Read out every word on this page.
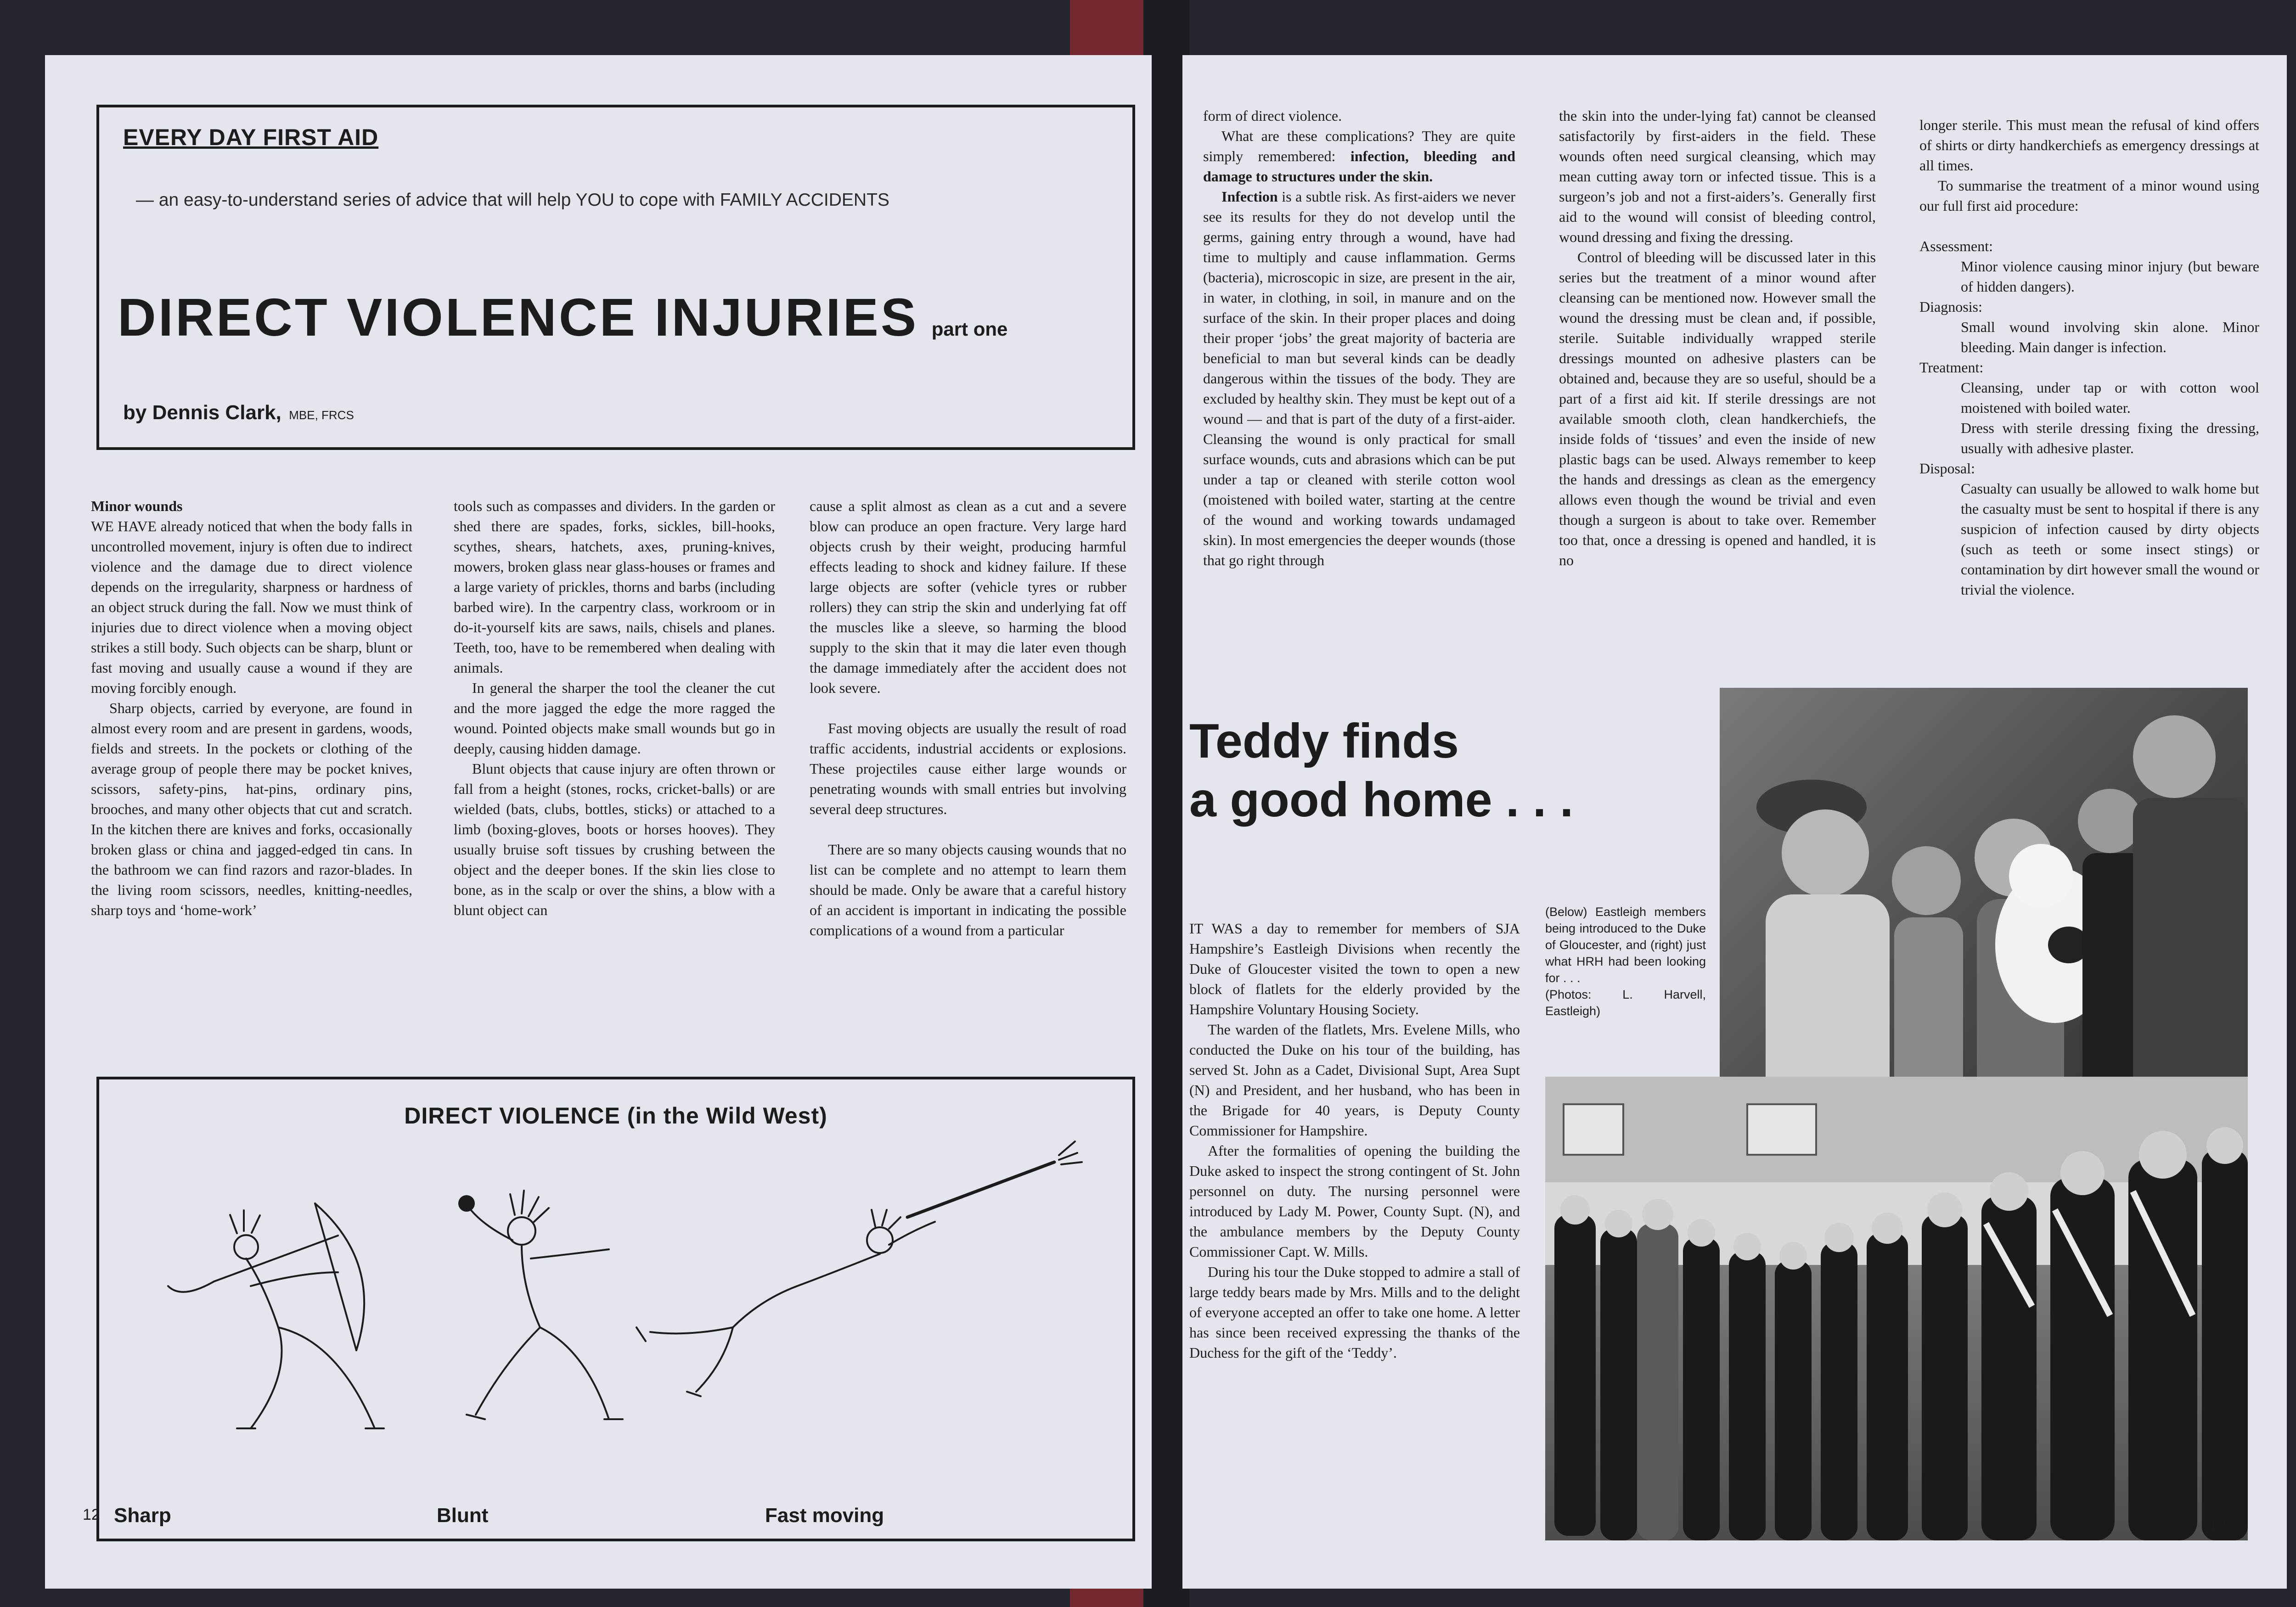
EVERY DAY FIRST AID
— an easy-to-understand series of advice that will help YOU to cope with FAMILY ACCIDENTS
DIRECT VIOLENCE INJURIES part one
by Dennis Clark, MBE, FRCS

Minor wounds

WE HAVE already noticed that when the body falls in uncontrolled movement, injury is often due to indirect violence and the damage due to direct violence depends on the irregularity, sharpness or hardness of an object struck during the fall. Now we must think of injuries due to direct violence when a moving object strikes a still body. Such objects can be sharp, blunt or fast moving and usually cause a wound if they are moving forcibly enough.

Sharp objects, carried by everyone, are found in almost every room and are present in gardens, woods, fields and streets. In the pockets or clothing of the average group of people there may be pocket knives, scissors, safety-pins, hat-pins, ordinary pins, brooches, and many other objects that cut and scratch. In the kitchen there are knives and forks, occasionally broken glass or china and jagged-edged tin cans. In the bathroom we can find razors and razor-blades. In the living room scissors, needles, knitting-needles, sharp toys and ‘home-work’

tools such as compasses and dividers. In the garden or shed there are spades, forks, sickles, bill-hooks, scythes, shears, hatchets, axes, pruning-knives, mowers, broken glass near glass-houses or frames and a large variety of prickles, thorns and barbs (including barbed wire). In the carpentry class, workroom or in do-it-yourself kits are saws, nails, chisels and planes. Teeth, too, have to be remembered when dealing with animals.

In general the sharper the tool the cleaner the cut and the more jagged the edge the more ragged the wound. Pointed objects make small wounds but go in deeply, causing hidden damage.

Blunt objects that cause injury are often thrown or fall from a height (stones, rocks, cricket-balls) or are wielded (bats, clubs, bottles, sticks) or attached to a limb (boxing-gloves, boots or horses hooves). They usually bruise soft tissues by crushing between the object and the deeper bones. If the skin lies close to bone, as in the scalp or over the shins, a blow with a blunt object can

cause a split almost as clean as a cut and a severe blow can produce an open fracture. Very large hard objects crush by their weight, producing harmful effects leading to shock and kidney failure. If these large objects are softer (vehicle tyres or rubber rollers) they can strip the skin and underlying fat off the muscles like a sleeve, so harming the blood supply to the skin that it may die later even though the damage immediately after the accident does not look severe.

Fast moving objects are usually the result of road traffic accidents, industrial accidents or explosions. These projectiles cause either large wounds or penetrating wounds with small entries but involving several deep structures.

There are so many objects causing wounds that no list can be complete and no attempt to learn them should be made. Only be aware that a careful history of an accident is important in indicating the possible complications of a wound from a particular

DIRECT VIOLENCE (in the Wild West)
Sharp	Blunt	Fast moving
12

form of direct violence.

What are these complications? They are quite simply remembered: infection, bleeding and damage to structures under the skin.

Infection is a subtle risk. As first-aiders we never see its results for they do not develop until the germs, gaining entry through a wound, have had time to multiply and cause inflammation. Germs (bacteria), microscopic in size, are present in the air, in water, in clothing, in soil, in manure and on the surface of the skin. In their proper places and doing their proper ‘jobs’ the great majority of bacteria are beneficial to man but several kinds can be deadly dangerous within the tissues of the body. They are excluded by healthy skin. They must be kept out of a wound — and that is part of the duty of a first-aider. Cleansing the wound is only practical for small surface wounds, cuts and abrasions which can be put under a tap or cleaned with sterile cotton wool (moistened with boiled water, starting at the centre of the wound and working towards undamaged skin). In most emergencies the deeper wounds (those that go right through

the skin into the under-lying fat) cannot be cleansed satisfactorily by first-aiders in the field. These wounds often need surgical cleansing, which may mean cutting away torn or infected tissue. This is a surgeon’s job and not a first-aiders’s. Generally first aid to the wound will consist of bleeding control, wound dressing and fixing the dressing.

Control of bleeding will be discussed later in this series but the treatment of a minor wound after cleansing can be mentioned now. However small the wound the dressing must be clean and, if possible, sterile. Suitable individually wrapped sterile dressings mounted on adhesive plasters can be obtained and, because they are so useful, should be a part of a first aid kit. If sterile dressings are not available smooth cloth, clean handkerchiefs, the inside folds of ‘tissues’ and even the inside of new plastic bags can be used. Always remember to keep the hands and dressings as clean as the emergency allows even though the wound be trivial and even though a surgeon is about to take over. Remember too that, once a dressing is opened and handled, it is no

longer sterile. This must mean the refusal of kind offers of shirts or dirty handkerchiefs as emergency dressings at all times.

To summarise the treatment of a minor wound using our full first aid procedure:

Assessment:

Minor violence causing minor injury (but beware of hidden dangers).

Diagnosis:

Small wound involving skin alone. Minor bleeding. Main danger is infection.

Treatment:

Cleansing, under tap or with cotton wool moistened with boiled water.

Dress with sterile dressing fixing the dressing, usually with adhesive plaster.

Disposal:

Casualty can usually be allowed to walk home but the casualty must be sent to hospital if there is any suspicion of infection caused by dirty objects (such as teeth or some insect stings) or contamination by dirt however small the wound or trivial the violence.

Teddy finds
a good home . . .
(Below) Eastleigh members being introduced to the Duke of Gloucester, and (right) just what HRH had been looking for . . .
(Photos: L. Harvell, Eastleigh)

IT WAS a day to remember for members of SJA Hampshire’s Eastleigh Divisions when recently the Duke of Gloucester visited the town to open a new block of flatlets for the elderly provided by the Hampshire Voluntary Housing Society.

The warden of the flatlets, Mrs. Evelene Mills, who conducted the Duke on his tour of the building, has served St. John as a Cadet, Divisional Supt, Area Supt (N) and President, and her husband, who has been in the Brigade for 40 years, is Deputy County Commissioner for Hampshire.

After the formalities of opening the building the Duke asked to inspect the strong contingent of St. John personnel on duty. The nursing personnel were introduced by Lady M. Power, County Supt. (N), and the ambulance members by the Deputy County Commissioner Capt. W. Mills.

During his tour the Duke stopped to admire a stall of large teddy bears made by Mrs. Mills and to the delight of everyone accepted an offer to take one home. A letter has since been received expressing the thanks of the Duchess for the gift of the ‘Teddy’.

13
